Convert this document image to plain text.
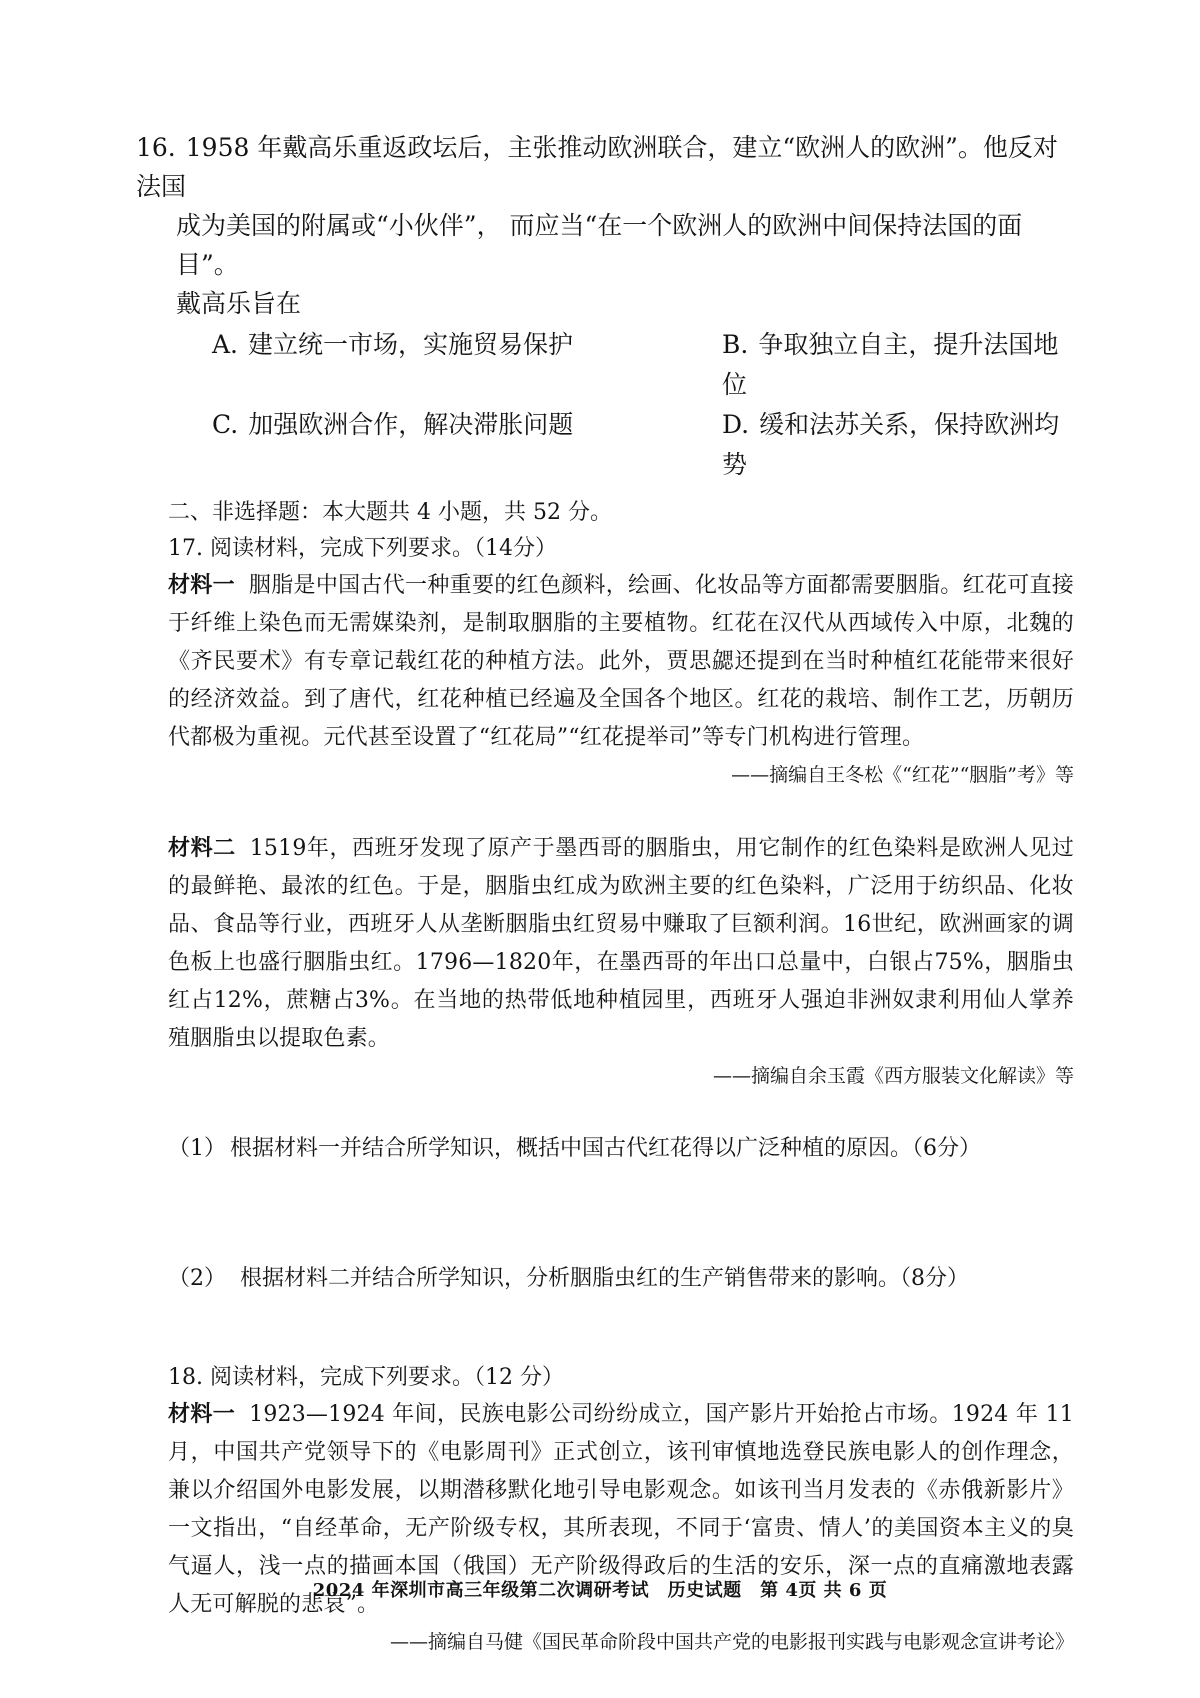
16. 1958 年戴高乐重返政坛后，主张推动欧洲联合，建立“欧洲人的欧洲”。他反对法国
成为美国的附属或“小伙伴”， 而应当“在一个欧洲人的欧洲中间保持法国的面目”。
戴高乐旨在
A. 建立统一市场，实施贸易保护	B. 争取独立自主，提升法国地位
C. 加强欧洲合作，解决滞胀问题	D. 缓和法苏关系，保持欧洲均势
二、非选择题：本大题共 4 小题，共 52 分。
17. 阅读材料，完成下列要求。（14分）
材料一 胭脂是中国古代一种重要的红色颜料，绘画、化妆品等方面都需要胭脂。红花可直接于纤维上染色而无需媒染剂，是制取胭脂的主要植物。红花在汉代从西域传入中原，北魏的《齐民要术》有专章记载红花的种植方法。此外，贾思勰还提到在当时种植红花能带来很好的经济效益。到了唐代，红花种植已经遍及全国各个地区。红花的栽培、制作工艺，历朝历代都极为重视。元代甚至设置了“红花局”“红花提举司”等专门机构进行管理。
——摘编自王冬松《“红花”“胭脂”考》等
材料二 1519年，西班牙发现了原产于墨西哥的胭脂虫，用它制作的红色染料是欧洲人见过的最鲜艳、最浓的红色。于是，胭脂虫红成为欧洲主要的红色染料，广泛用于纺织品、化妆品、食品等行业，西班牙人从垄断胭脂虫红贸易中赚取了巨额利润。16世纪，欧洲画家的调色板上也盛行胭脂虫红。1796—1820年，在墨西哥的年出口总量中，白银占75%，胭脂虫红占12%，蔗糖占3%。在当地的热带低地种植园里，西班牙人强迫非洲奴隶利用仙人掌养殖胭脂虫以提取色素。
——摘编自余玉霞《西方服装文化解读》等
（1） 根据材料一并结合所学知识，概括中国古代红花得以广泛种植的原因。（6分）
（2） 根据材料二并结合所学知识，分析胭脂虫红的生产销售带来的影响。（8分）
18. 阅读材料，完成下列要求。（12 分）
材料一 1923—1924 年间，民族电影公司纷纷成立，国产影片开始抢占市场。1924 年 11 月，中国共产党领导下的《电影周刊》正式创立，该刊审慎地选登民族电影人的创作理念，兼以介绍国外电影发展，以期潜移默化地引导电影观念。如该刊当月发表的《赤俄新影片》一文指出，“自经革命，无产阶级专权，其所表现，不同于‘富贵、情人’的美国资本主义的臭气逼人，浅一点的描画本国（俄国）无产阶级得政后的生活的安乐，深一点的直痛激地表露人无可解脱的悲哀”。
——摘编自马健《国民革命阶段中国共产党的电影报刊实践与电影观念宣讲考论》
2024 年深圳市高三年级第二次调研考试　历史试题　第 4页 共 6 页
